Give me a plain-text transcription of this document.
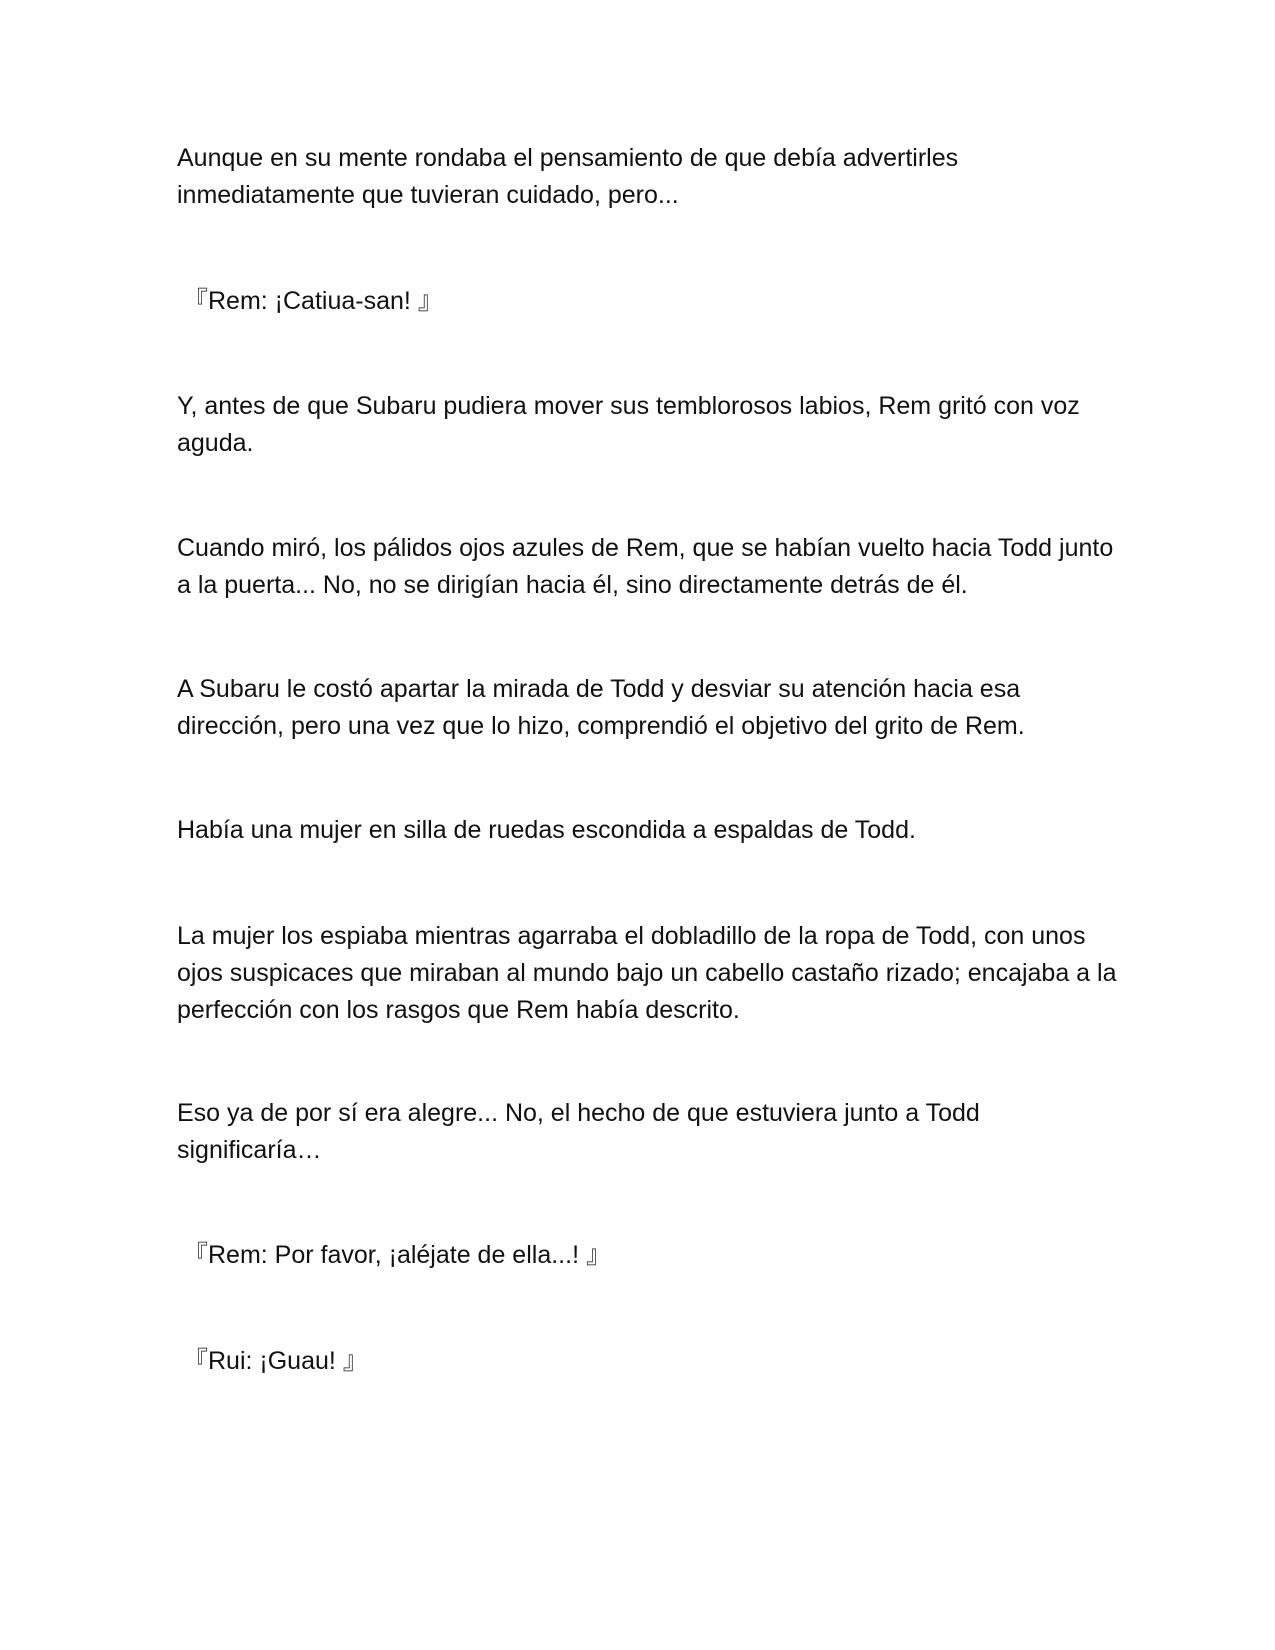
Aunque en su mente rondaba el pensamiento de que debía advertirles inmediatamente que tuvieran cuidado, pero...

『Rem: ¡Catiua-san! 』

Y, antes de que Subaru pudiera mover sus temblorosos labios, Rem gritó con voz aguda.

Cuando miró, los pálidos ojos azules de Rem, que se habían vuelto hacia Todd junto a la puerta... No, no se dirigían hacia él, sino directamente detrás de él.

A Subaru le costó apartar la mirada de Todd y desviar su atención hacia esa dirección, pero una vez que lo hizo, comprendió el objetivo del grito de Rem.

Había una mujer en silla de ruedas escondida a espaldas de Todd.

La mujer los espiaba mientras agarraba el dobladillo de la ropa de Todd, con unos ojos suspicaces que miraban al mundo bajo un cabello castaño rizado; encajaba a la perfección con los rasgos que Rem había descrito.

Eso ya de por sí era alegre... No, el hecho de que estuviera junto a Todd significaría…

『Rem: Por favor, ¡aléjate de ella...! 』

『Rui: ¡Guau! 』
